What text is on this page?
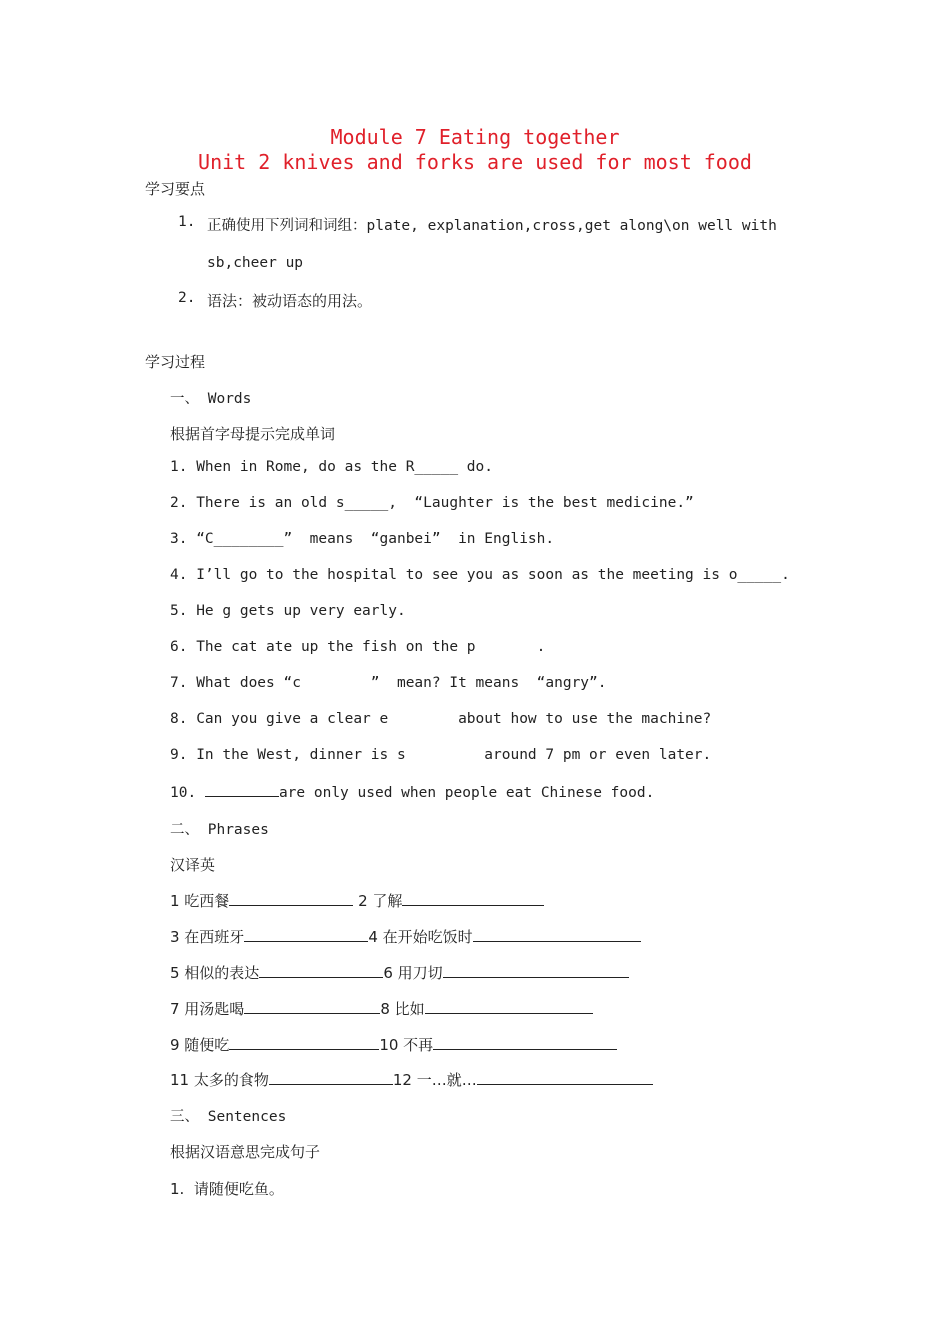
Module 7 Eating together
Unit 2 knives and forks are used for most food
学习要点
1. 正确使用下列词和词组：plate, explanation,cross,get along\on well with
sb,cheer up
2. 语法：被动语态的用法。
学习过程
一、 Words
根据首字母提示完成单词
1. When in Rome, do as the R_____ do.
2. There is an old s_____,  “Laughter is the best medicine.”
3. “C________”  means  “ganbei”  in English.
4. I’ll go to the hospital to see you as soon as the meeting is o_____.
5. He g gets up very early.
6. The cat ate up the fish on the p       .
7. What does “c        ”  mean? It means  “angry”.
8. Can you give a clear e        about how to use the machine?
9. In the West, dinner is s         around 7 pm or even later.
10.	are only used when people eat Chinese food.
二、 Phrases
汉译英
1 吃西餐	2 了解
3 在西班牙	4 在开始吃饭时
5 相似的表达	6 用刀切
7 用汤匙喝	8 比如
9 随便吃	10 不再
11 太多的食物	12 一…就…
三、 Sentences
根据汉语意思完成句子
1.  请随便吃鱼。
